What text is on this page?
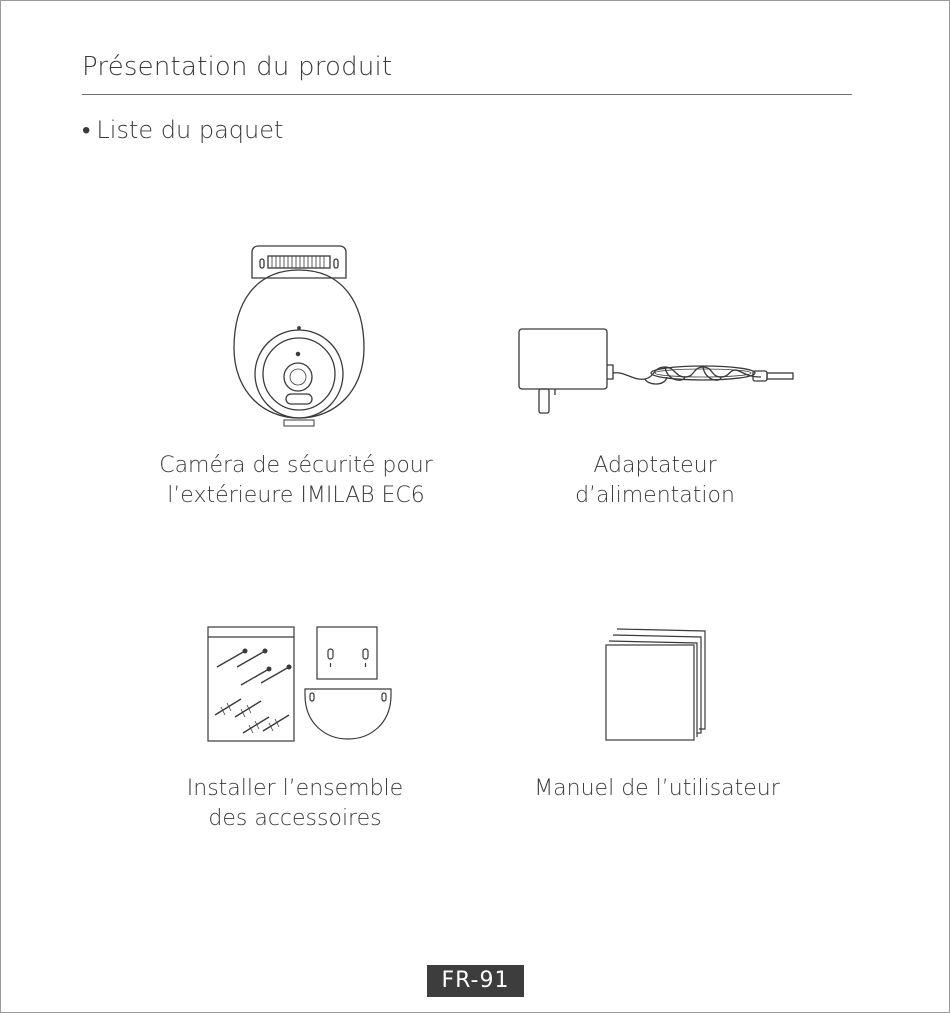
Présentation du produit
• Liste du paquet
Caméra de sécurité pour
l’extérieure IMILAB EC6
Adaptateur
d’alimentation
Installer l’ensemble
des accessoires
Manuel de l’utilisateur
FR-91
